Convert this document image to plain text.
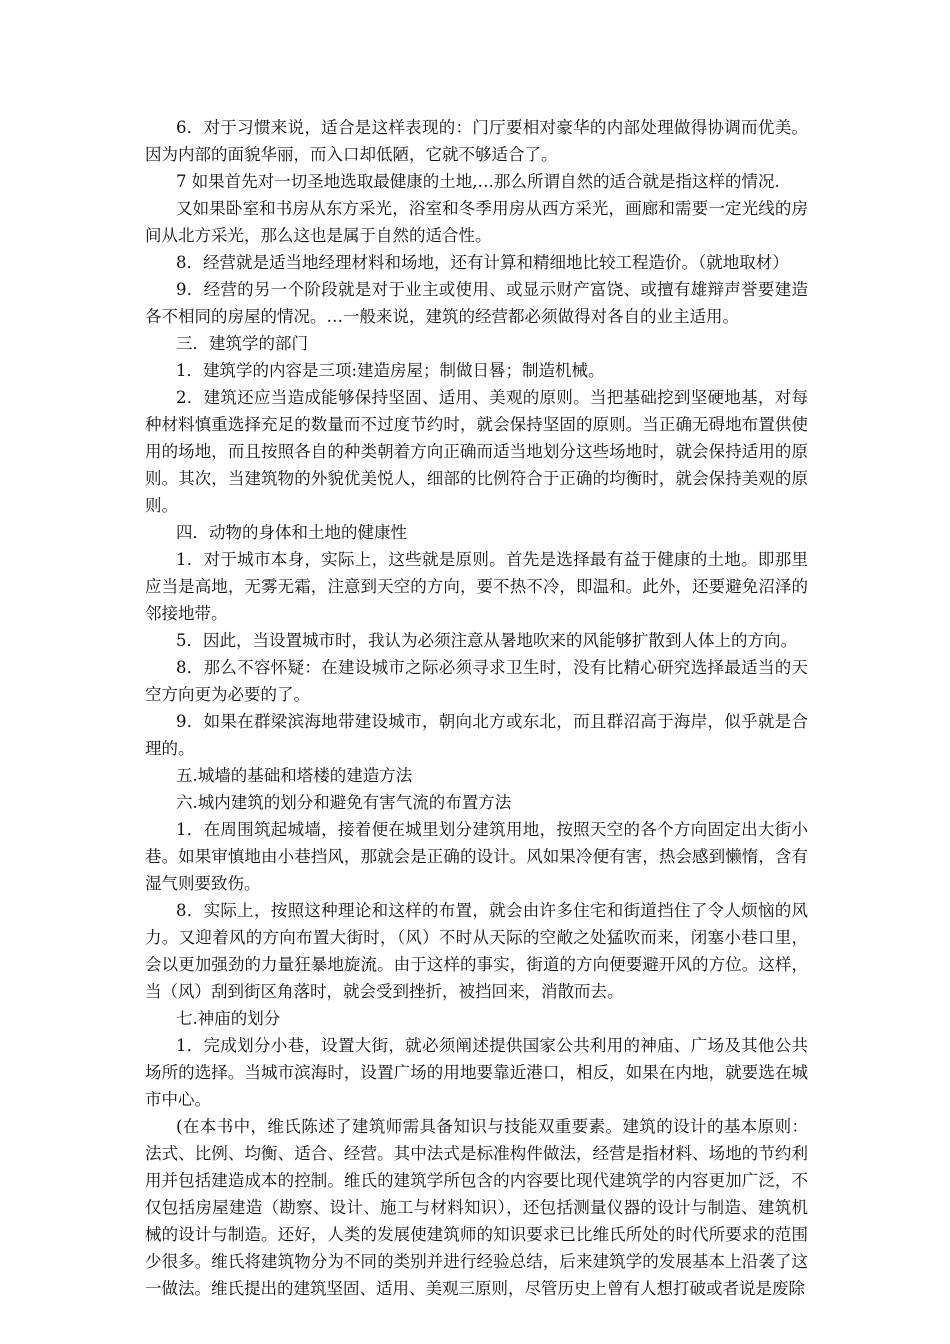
6．对于习惯来说，适合是这样表现的：门厅要相对豪华的内部处理做得协调而优美。因为内部的面貌华丽，而入口却低陋，它就不够适合了。

7 如果首先对一切圣地选取最健康的土地,…那么所谓自然的适合就是指这样的情况.

又如果卧室和书房从东方采光，浴室和冬季用房从西方采光，画廊和需要一定光线的房间从北方采光，那么这也是属于自然的适合性。

8．经营就是适当地经理材料和场地，还有计算和精细地比较工程造价。（就地取材）

9．经营的另一个阶段就是对于业主或使用、或显示财产富饶、或擅有雄辩声誉要建造各不相同的房屋的情况。…一般来说，建筑的经营都必须做得对各自的业主适用。

三．建筑学的部门

1．建筑学的内容是三项:建造房屋；制做日晷；制造机械。

2．建筑还应当造成能够保持坚固、适用、美观的原则。当把基础挖到坚硬地基，对每种材料慎重选择充足的数量而不过度节约时，就会保持坚固的原则。当正确无碍地布置供使用的场地，而且按照各自的种类朝着方向正确而适当地划分这些场地时，就会保持适用的原则。其次，当建筑物的外貌优美悦人，细部的比例符合于正确的均衡时，就会保持美观的原则。

四．动物的身体和土地的健康性

1．对于城市本身，实际上，这些就是原则。首先是选择最有益于健康的土地。即那里应当是高地，无雾无霜，注意到天空的方向，要不热不冷，即温和。此外，还要避免沼泽的邻接地带。

5．因此，当设置城市时，我认为必须注意从暑地吹来的风能够扩散到人体上的方向。

8．那么不容怀疑：在建设城市之际必须寻求卫生时，没有比精心研究选择最适当的天空方向更为必要的了。

9．如果在群梁滨海地带建设城市，朝向北方或东北，而且群沼高于海岸，似乎就是合理的。

五.城墙的基础和塔楼的建造方法

六.城内建筑的划分和避免有害气流的布置方法

1．在周围筑起城墙，接着便在城里划分建筑用地，按照天空的各个方向固定出大街小巷。如果审慎地由小巷挡风，那就会是正确的设计。风如果冷便有害，热会感到懒惰，含有湿气则要致伤。

8．实际上，按照这种理论和这样的布置，就会由许多住宅和街道挡住了令人烦恼的风力。又迎着风的方向布置大街时，（风）不时从天际的空敞之处猛吹而来，闭塞小巷口里，会以更加强劲的力量狂暴地旋流。由于这样的事实，街道的方向便要避开风的方位。这样，当（风）刮到街区角落时，就会受到挫折，被挡回来，消散而去。

七.神庙的划分

1．完成划分小巷，设置大街，就必须阐述提供国家公共利用的神庙、广场及其他公共场所的选择。当城市滨海时，设置广场的用地要靠近港口，相反，如果在内地，就要选在城市中心。

(在本书中，维氏陈述了建筑师需具备知识与技能双重要素。建筑的设计的基本原则：法式、比例、均衡、适合、经营。其中法式是标准构件做法，经营是指材料、场地的节约利用并包括建造成本的控制。维氏的建筑学所包含的内容要比现代建筑学的内容更加广泛，不仅包括房屋建造（勘察、设计、施工与材料知识），还包括测量仪器的设计与制造、建筑机械的设计与制造。还好，人类的发展使建筑师的知识要求已比维氏所处的时代所要求的范围少很多。维氏将建筑物分为不同的类别并进行经验总结，后来建筑学的发展基本上沿袭了这一做法。维氏提出的建筑坚固、适用、美观三原则，尽管历史上曾有人想打破或者说是废除
